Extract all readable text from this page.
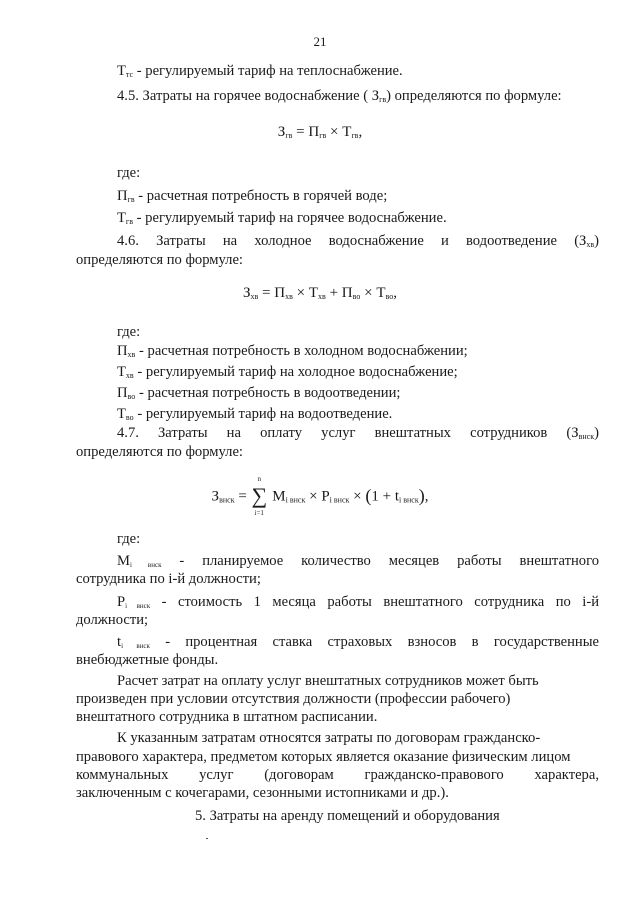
21
$Т_{тс}$ - регулируемый тариф на теплоснабжение.
4.5. Затраты на горячее водоснабжение ( $З_{гв}$) определяются по формуле:
$З_{гв} = П_{гв} \times Т_{гв}$,
где:
$П_{гв}$ - расчетная потребность в горячей воде;
$Т_{гв}$ - регулируемый тариф на горячее водоснабжение.
4.6. Затраты на холодное водоснабжение и водоотведение $(З_{хв})$
определяются по формуле:
$З_{хв} = П_{хв} \times Т_{хв} + П_{во} \times Т_{во}$,
где:
$П_{хв}$ - расчетная потребность в холодном водоснабжении;
$Т_{хв}$ - регулируемый тариф на холодное водоснабжение;
$П_{во}$ - расчетная потребность в водоотведении;
$Т_{во}$ - регулируемый тариф на водоотведение.
4.7. Затраты на оплату услуг внештатных сотрудников $(З_{внск})$
определяются по формуле:
$З_{внск}$ =
n
∑
i=1
$М_{i внск} \times Р_{i внск} \times (1 + t_{i внск})$,
где:
$М_{i внск}$ - планируемое количество месяцев работы внештатного
сотрудника по i-й должности;
$Р_{i внск}$ - стоимость 1 месяца работы внештатного сотрудника по i-й
должности;
$t_{i внск}$ - процентная ставка страховых взносов в государственные
внебюджетные фонды.
Расчет затрат на оплату услуг внештатных сотрудников может быть
произведен при условии отсутствия должности (профессии рабочего)
внештатного сотрудника в штатном расписании.
К указанным затратам относятся затраты по договорам гражданско-
правового характера, предметом которых является оказание физическим лицом
коммунальных услуг (договорам гражданско-правового характера,
заключенным с кочегарами, сезонными истопниками и др.).
5. Затраты на аренду помещений и оборудования
